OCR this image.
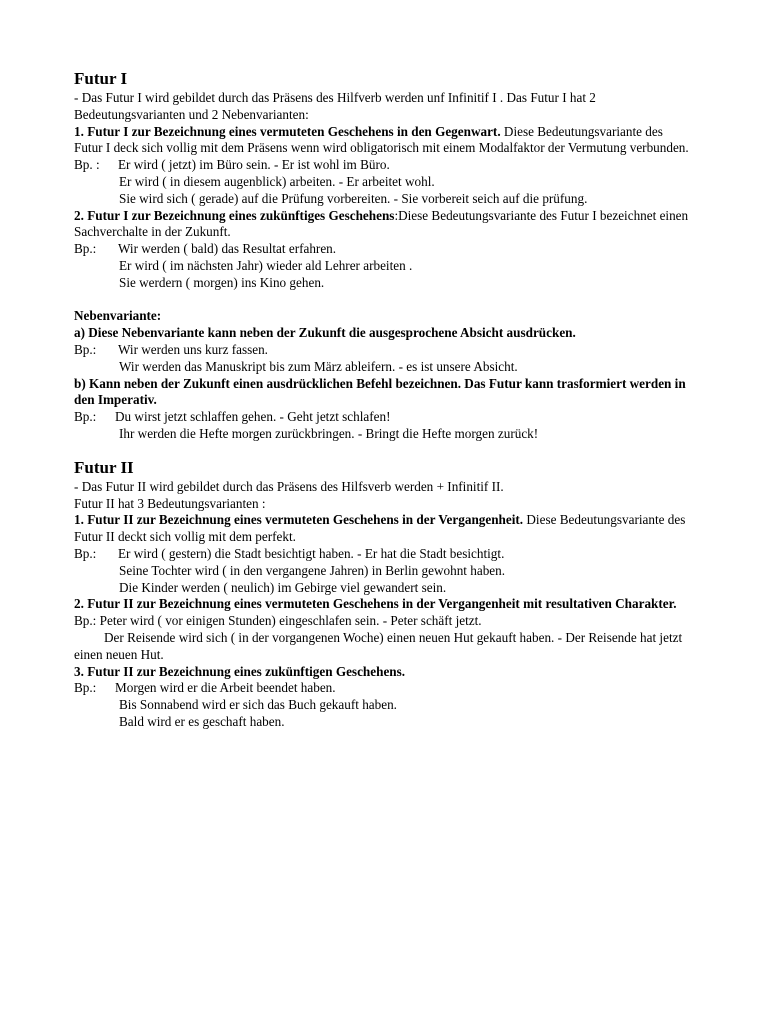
Futur I

- Das Futur I wird gebildet durch das Präsens des Hilfverb werden unf Infinitif I . Das Futur I hat 2 Bedeutungsvarianten und 2 Nebenvarianten:

1. Futur I zur Bezeichnung eines vermuteten Geschehens in den Gegenwart. Diese Bedeutungsvariante des Futur I deck sich vollig mit dem Präsens wenn wird obligatorisch mit einem Modalfaktor der Vermutung verbunden.

Bp. :	Er wird ( jetzt) im Büro sein. - Er ist wohl im Büro.

Er wird ( in diesem augenblick) arbeiten. - Er arbeitet wohl.

Sie wird sich ( gerade) auf die Prüfung vorbereiten. - Sie vorbereit seich auf die prüfung.

2. Futur I zur Bezeichnung eines zukünftiges Geschehens:Diese Bedeutungsvariante des Futur I bezeichnet einen Sachverchalte in der Zukunft.

Bp.:	Wir werden ( bald) das Resultat erfahren.

Er wird ( im nächsten Jahr) wieder ald Lehrer arbeiten .

Sie werdern ( morgen) ins Kino gehen.

Nebenvariante:

a) Diese Nebenvariante kann neben der Zukunft die ausgesprochene Absicht ausdrücken.

Bp.:	Wir werden uns kurz fassen.

Wir werden das Manuskript bis zum März ableifern. - es ist unsere Absicht.

b) Kann neben der Zukunft einen ausdrücklichen Befehl bezeichnen. Das Futur kann trasformiert werden in den Imperativ.

Bp.:	Du wirst jetzt schlaffen gehen. - Geht jetzt schlafen!

Ihr werden die Hefte morgen zurückbringen. - Bringt die Hefte morgen zurück!

Futur II

- Das Futur II wird gebildet durch das Präsens des Hilfsverb werden + Infinitif II.

Futur II hat 3 Bedeutungsvarianten :

1. Futur II zur Bezeichnung eines vermuteten Geschehens in der Vergangenheit. Diese Bedeutungsvariante des Futur II deckt sich vollig mit dem perfekt.

Bp.:	Er wird ( gestern) die Stadt besichtigt haben. - Er hat die Stadt besichtigt.

Seine Tochter wird ( in den vergangene Jahren) in Berlin gewohnt haben.

Die Kinder werden ( neulich) im Gebirge viel gewandert sein.

2. Futur II zur Bezeichnung eines vermuteten Geschehens in der Vergangenheit mit resultativen Charakter.

Bp.: Peter wird ( vor einigen Stunden) eingeschlafen sein. - Peter schäft jetzt.

Der Reisende wird sich ( in der vorgangenen Woche) einen neuen Hut gekauft haben. - Der Reisende hat jetzt einen neuen Hut.

3. Futur II zur Bezeichnung eines zukünftigen Geschehens.

Bp.:	Morgen wird er die Arbeit beendet haben.

Bis Sonnabend wird er sich das Buch gekauft haben.

Bald wird er es geschaft haben.
